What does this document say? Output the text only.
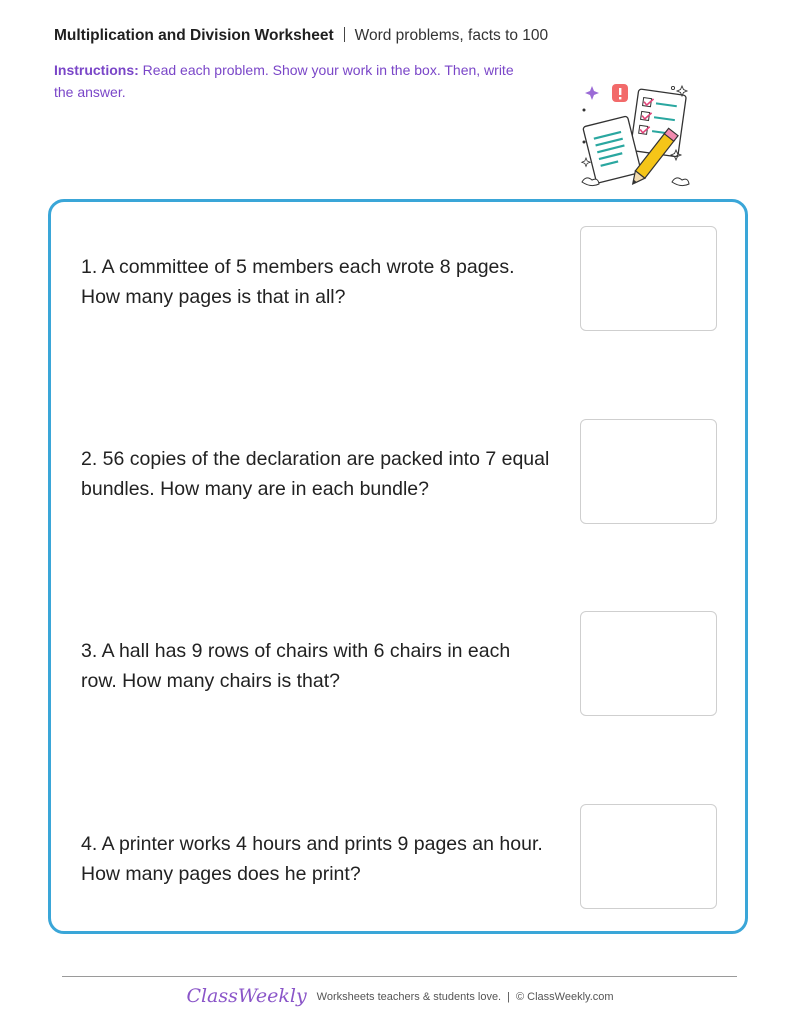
Multiplication and Division Worksheet Word problems, facts to 100
Instructions: Read each problem. Show your work in the box. Then, write the answer.
1. A committee of 5 members each wrote 8 pages. How many pages is that in all?
2. 56 copies of the declaration are packed into 7 equal bundles. How many are in each bundle?
3. A hall has 9 rows of chairs with 6 chairs in each row. How many chairs is that?
4. A printer works 4 hours and prints 9 pages an hour. How many pages does he print?
ClassWeekly Worksheets teachers & students love. | © ClassWeekly.com
